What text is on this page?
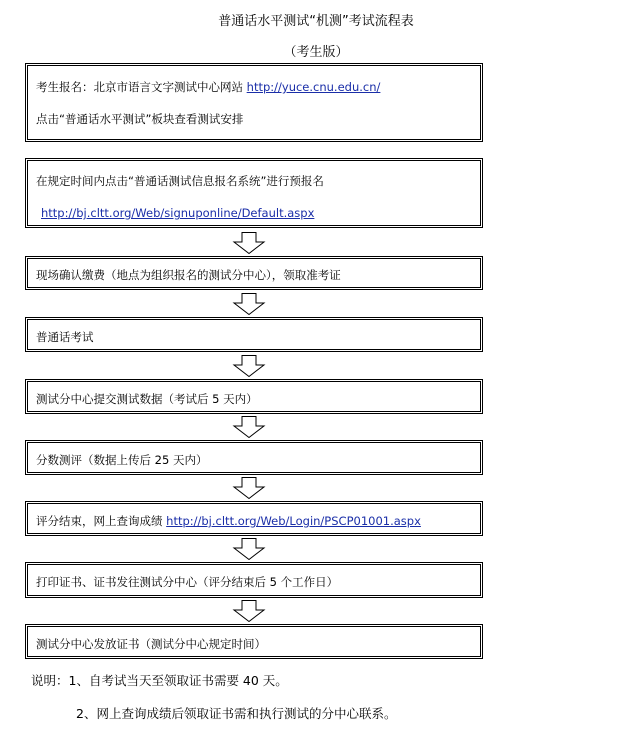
普通话水平测试“机测”考试流程表
（考生版）
考生报名：北京市语言文字测试中心网站 http://yuce.cnu.edu.cn/
点击“普通话水平测试”板块查看测试安排
在规定时间内点击“普通话测试信息报名系统”进行预报名
http://bj.cltt.org/Web/signuponline/Default.aspx
现场确认缴费（地点为组织报名的测试分中心），领取准考证
普通话考试
测试分中心提交测试数据（考试后 5 天内）
分数测评（数据上传后 25 天内）
评分结束，网上查询成绩 http://bj.cltt.org/Web/Login/PSCP01001.aspx
打印证书、证书发往测试分中心（评分结束后 5 个工作日）
测试分中心发放证书（测试分中心规定时间）
说明：1、自考试当天至领取证书需要 40 天。
2、网上查询成绩后领取证书需和执行测试的分中心联系。
